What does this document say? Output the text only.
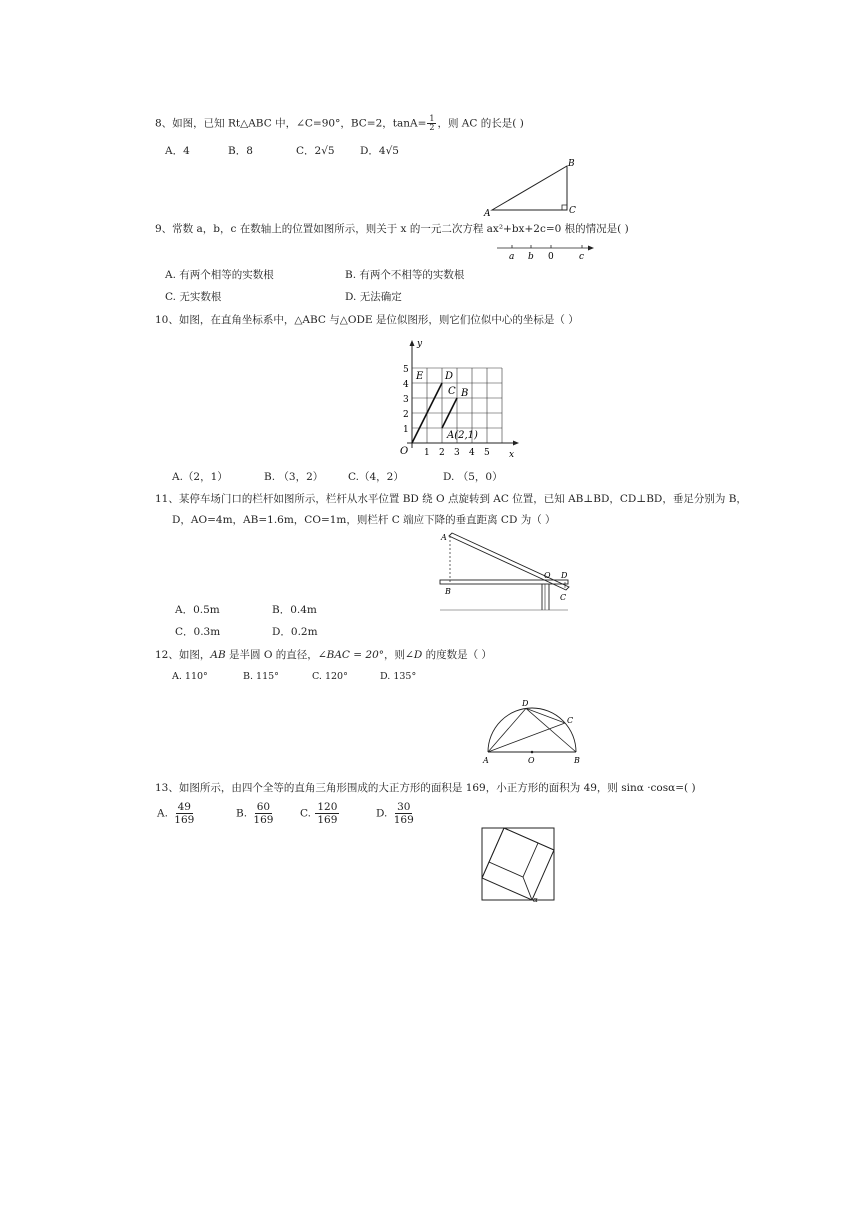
8、如图，已知 Rt△ABC 中，∠C=90°，BC=2，$\tan A= \frac{1}{2}$ ，则 AC 的长是( )
A．4	B．8	C．2√5 D．4√5
A
B
C
9、常数 a，b，c 在数轴上的位置如图所示，则关于 x 的一元二次方程 ax²+bx+2c=0 根的情况是( )
a b 0	c
A. 有两个相等的实数根	B. 有两个不相等的实数根
C. 无实数根	D. 无法确定
10、如图，在直角坐标系中，△ABC 与△ODE 是位似图形，则它们位似中心的坐标是（ ）
y
x
O
1
2
3
4
5
1 2 3 4 5
E D
C B
A(2,1)
A.（2，1）	B. （3，2） C.（4，2）	D. （5，0）
11、某停车场门口的栏杆如图所示，栏杆从水平位置 BD 绕 O 点旋转到 AC 位置，已知 AB⊥BD，CD⊥BD，垂足分别为 B，
D，AO=4m，AB=1.6m，CO=1m，则栏杆 C 端应下降的垂直距离 CD 为（ ）
A
B
O D
C
A．0.5m	B．0.4m
C．0.3m	D．0.2m
12、如图，AB 是半圆 O 的直径，∠BAC = 20°，则∠D 的度数是（ ）
A. 110°	B. 115°	C. 120°	D. 135°
A	O	B
D
C
13、如图所示，由四个全等的直角三角形围成的大正方形的面积是 169，小正方形的面积为 49，则 sinα ·cosα=( )
A. $\frac{49}{169}$	B. $\frac{60}{169} C$. $\frac{120}{169}$	D. $\frac{30}{169}$
α
